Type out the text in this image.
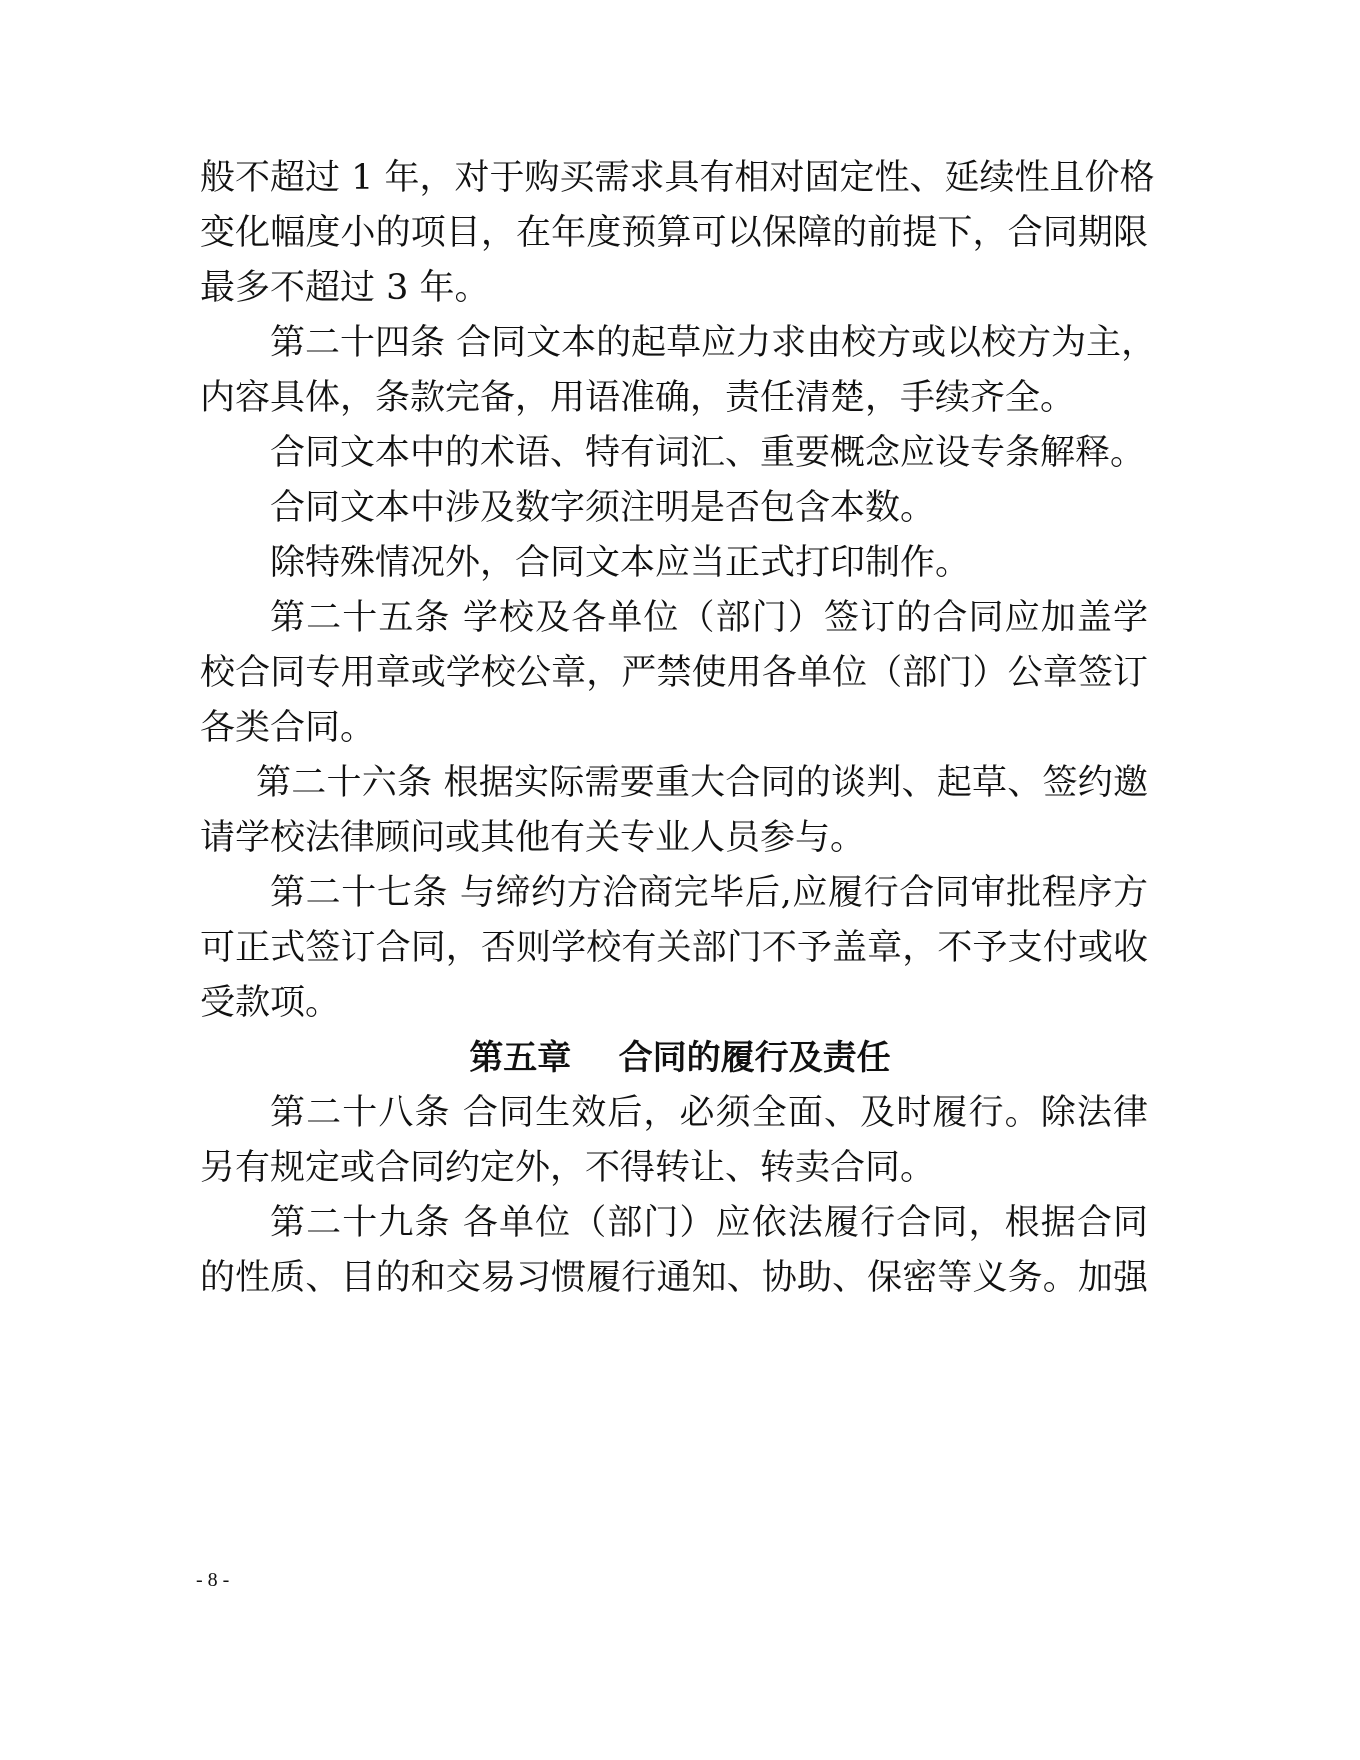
般不超过 1 年，对于购买需求具有相对固定性、延续性且价格
变化幅度小的项目，在年度预算可以保障的前提下，合同期限
最多不超过 3 年。
第二十四条 合同文本的起草应力求由校方或以校方为主，
内容具体，条款完备，用语准确，责任清楚，手续齐全。
合同文本中的术语、特有词汇、重要概念应设专条解释。
合同文本中涉及数字须注明是否包含本数。
除特殊情况外，合同文本应当正式打印制作。
第二十五条 学校及各单位（部门）签订的合同应加盖学
校合同专用章或学校公章，严禁使用各单位（部门）公章签订
各类合同。
第二十六条 根据实际需要重大合同的谈判、起草、签约邀
请学校法律顾问或其他有关专业人员参与。
第二十七条 与缔约方洽商完毕后,应履行合同审批程序方
可正式签订合同，否则学校有关部门不予盖章，不予支付或收
受款项。
第五章    合同的履行及责任
第二十八条 合同生效后，必须全面、及时履行。除法律
另有规定或合同约定外，不得转让、转卖合同。
第二十九条 各单位（部门）应依法履行合同，根据合同
的性质、目的和交易习惯履行通知、协助、保密等义务。加强
- 8 -
